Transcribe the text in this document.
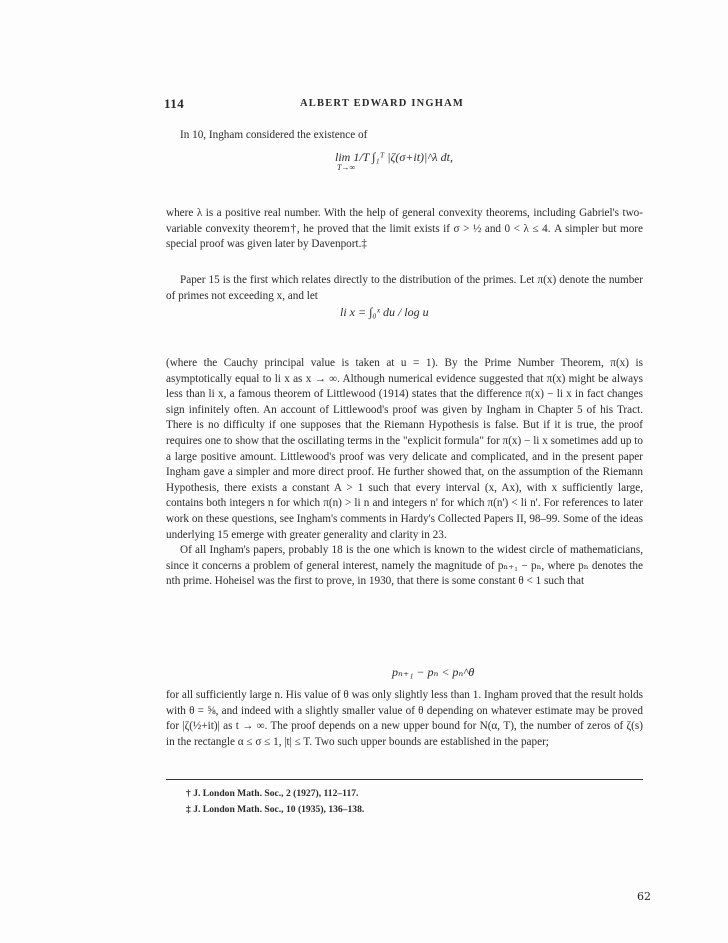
114	ALBERT EDWARD INGHAM
In 10, Ingham considered the existence of
lim 1/T ∫₁ᵀ |ζ(σ+it)|^λ dt,
T→∞
where λ is a positive real number. With the help of general convexity theorems, including Gabriel's two-variable convexity theorem†, he proved that the limit exists if σ > ½ and 0 < λ ≤ 4. A simpler but more special proof was given later by Davenport.‡
Paper 15 is the first which relates directly to the distribution of the primes. Let π(x) denote the number of primes not exceeding x, and let
li x = ∫₀ˣ du / log u
(where the Cauchy principal value is taken at u = 1). By the Prime Number Theorem, π(x) is asymptotically equal to li x as x → ∞. Although numerical evidence suggested that π(x) might be always less than li x, a famous theorem of Littlewood (1914) states that the difference π(x) − li x in fact changes sign infinitely often. An account of Littlewood's proof was given by Ingham in Chapter 5 of his Tract. There is no difficulty if one supposes that the Riemann Hypothesis is false. But if it is true, the proof requires one to show that the oscillating terms in the "explicit formula" for π(x) − li x sometimes add up to a large positive amount. Littlewood's proof was very delicate and complicated, and in the present paper Ingham gave a simpler and more direct proof. He further showed that, on the assumption of the Riemann Hypothesis, there exists a constant A > 1 such that every interval (x, Ax), with x sufficiently large, contains both integers n for which π(n) > li n and integers n' for which π(n') < li n'. For references to later work on these questions, see Ingham's comments in Hardy's Collected Papers II, 98–99. Some of the ideas underlying 15 emerge with greater generality and clarity in 23.
Of all Ingham's papers, probably 18 is the one which is known to the widest circle of mathematicians, since it concerns a problem of general interest, namely the magnitude of pₙ₊₁ − pₙ, where pₙ denotes the nth prime. Hoheisel was the first to prove, in 1930, that there is some constant θ < 1 such that
pₙ₊₁ − pₙ < pₙ^θ
for all sufficiently large n. His value of θ was only slightly less than 1. Ingham proved that the result holds with θ = ⅝, and indeed with a slightly smaller value of θ depending on whatever estimate may be proved for |ζ(½+it)| as t → ∞. The proof depends on a new upper bound for N(α, T), the number of zeros of ζ(s) in the rectangle α ≤ σ ≤ 1, |t| ≤ T. Two such upper bounds are established in the paper;
† J. London Math. Soc., 2 (1927), 112–117.
‡ J. London Math. Soc., 10 (1935), 136–138.
62
